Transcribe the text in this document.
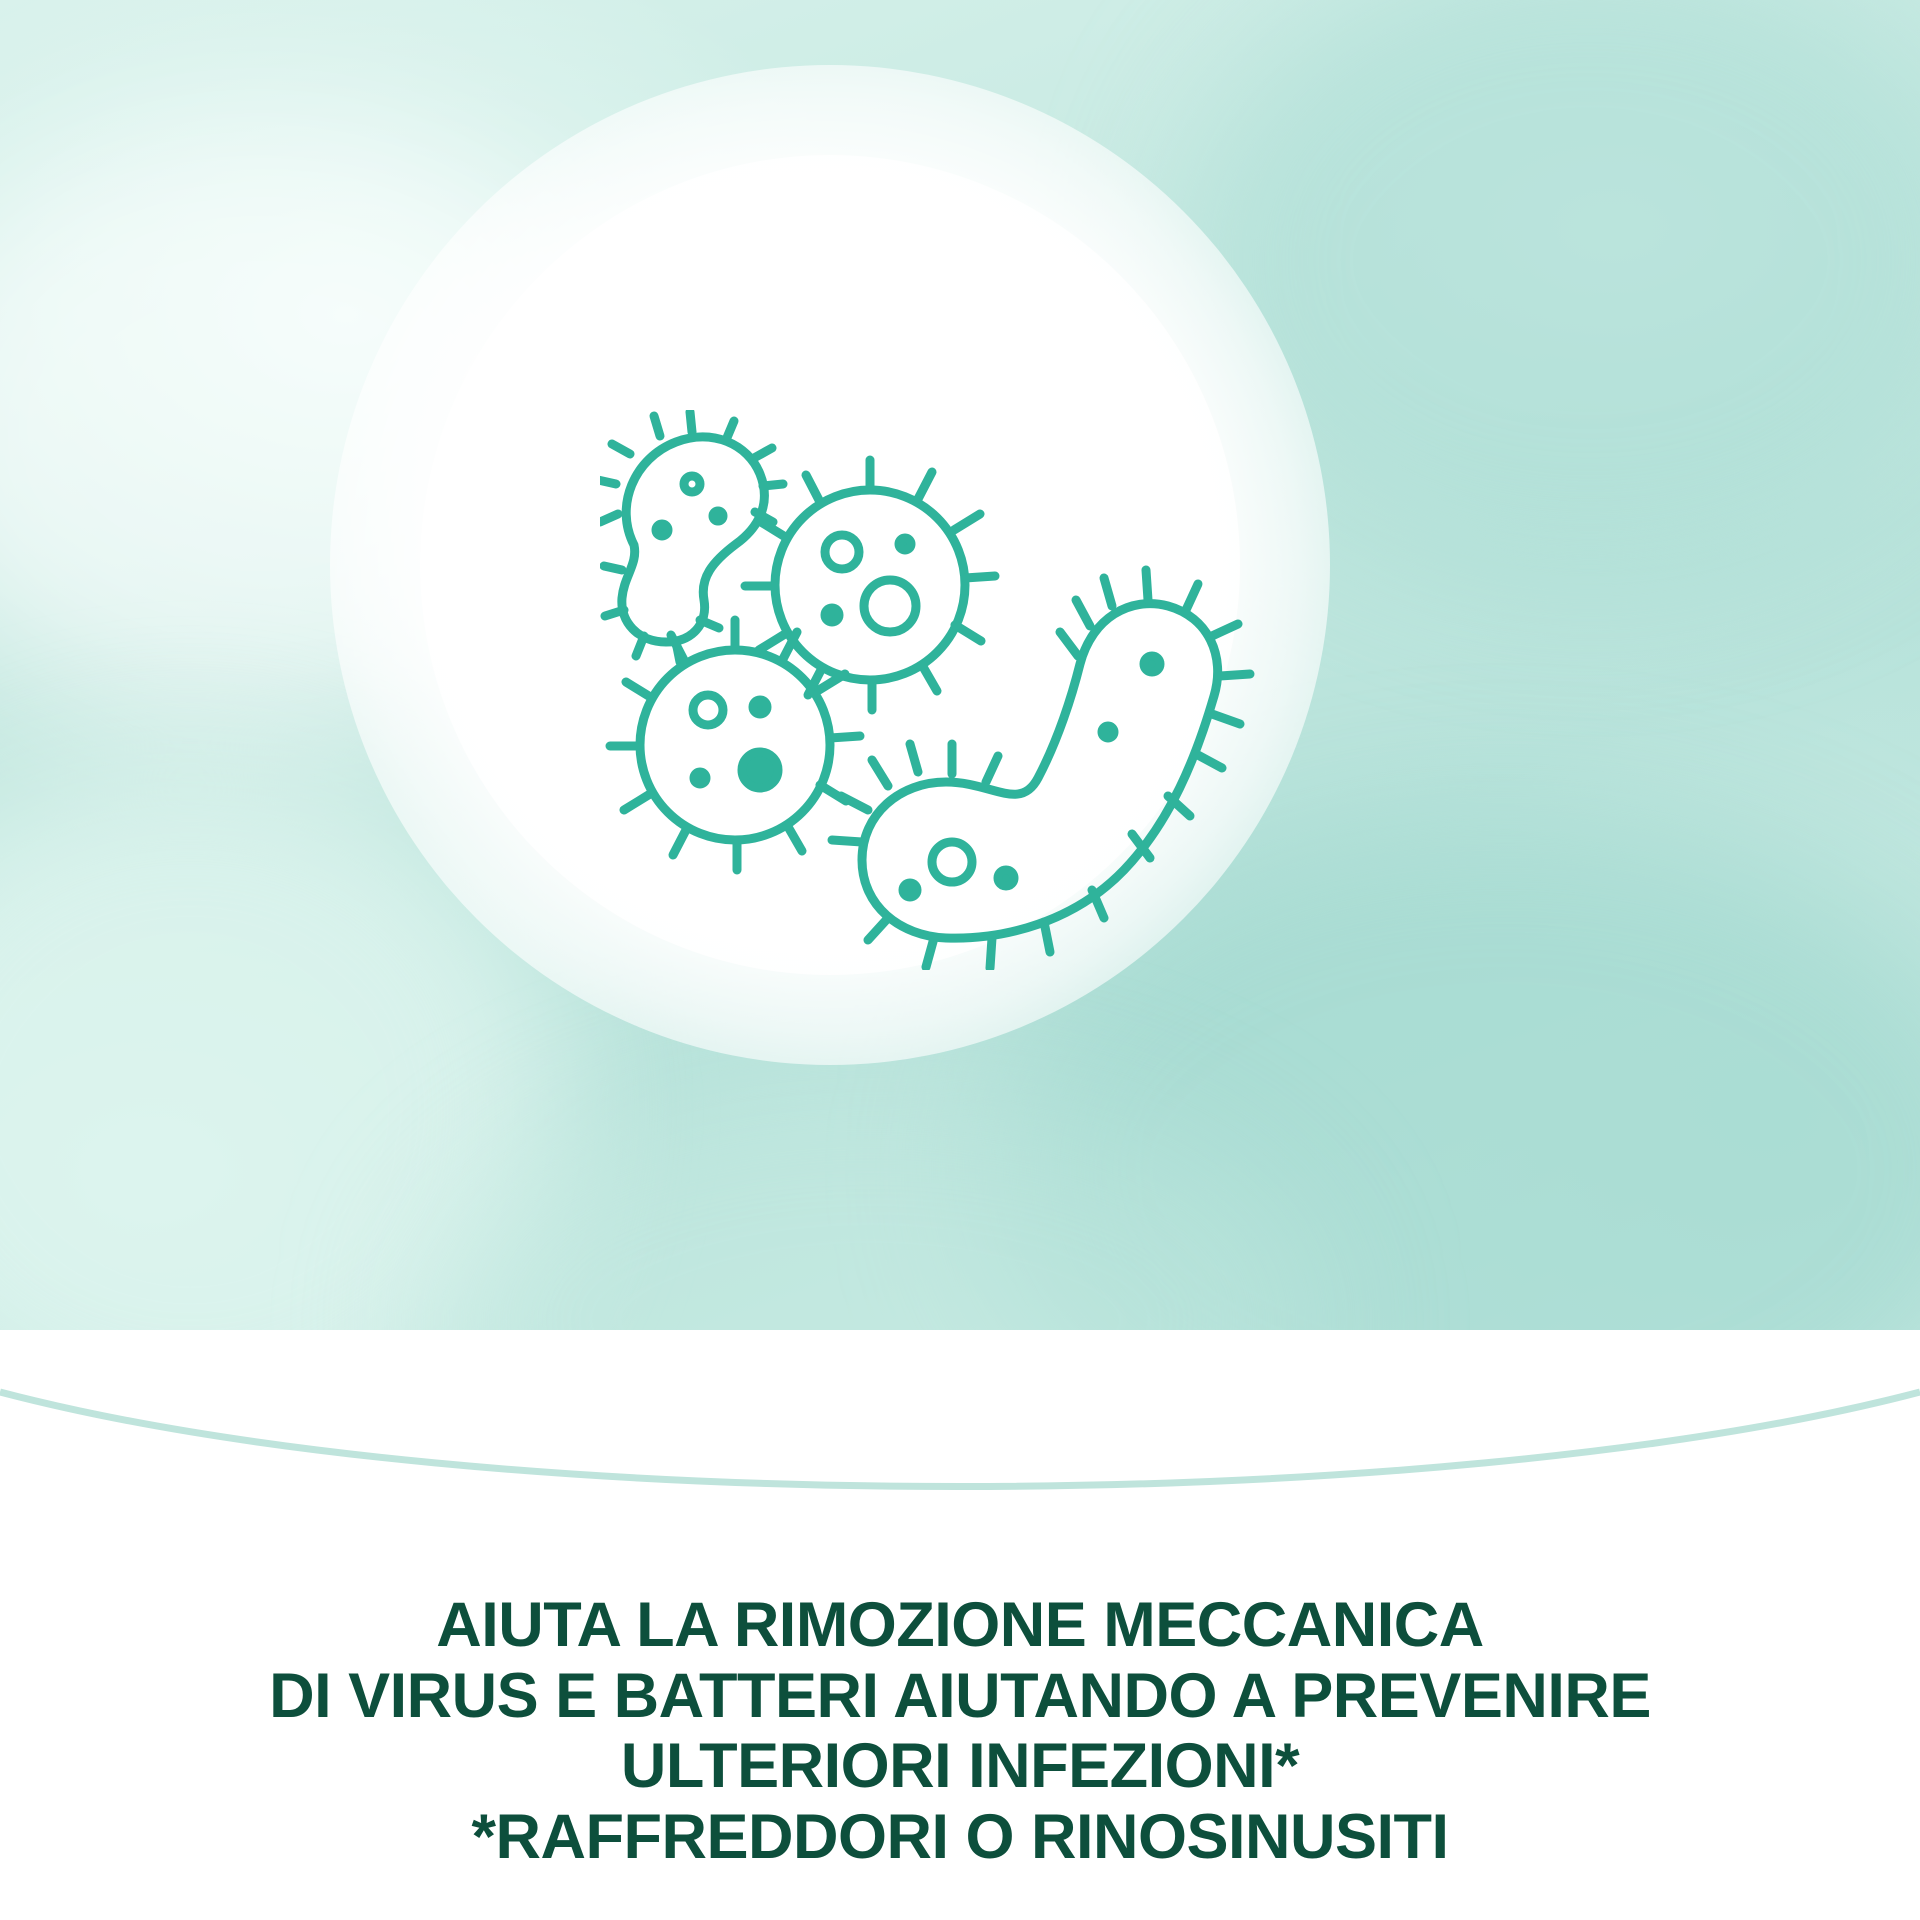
AIUTA LA RIMOZIONE MECCANICA
DI VIRUS E BATTERI AIUTANDO A PREVENIRE
ULTERIORI INFEZIONI*
*RAFFREDDORI O RINOSINUSITI
